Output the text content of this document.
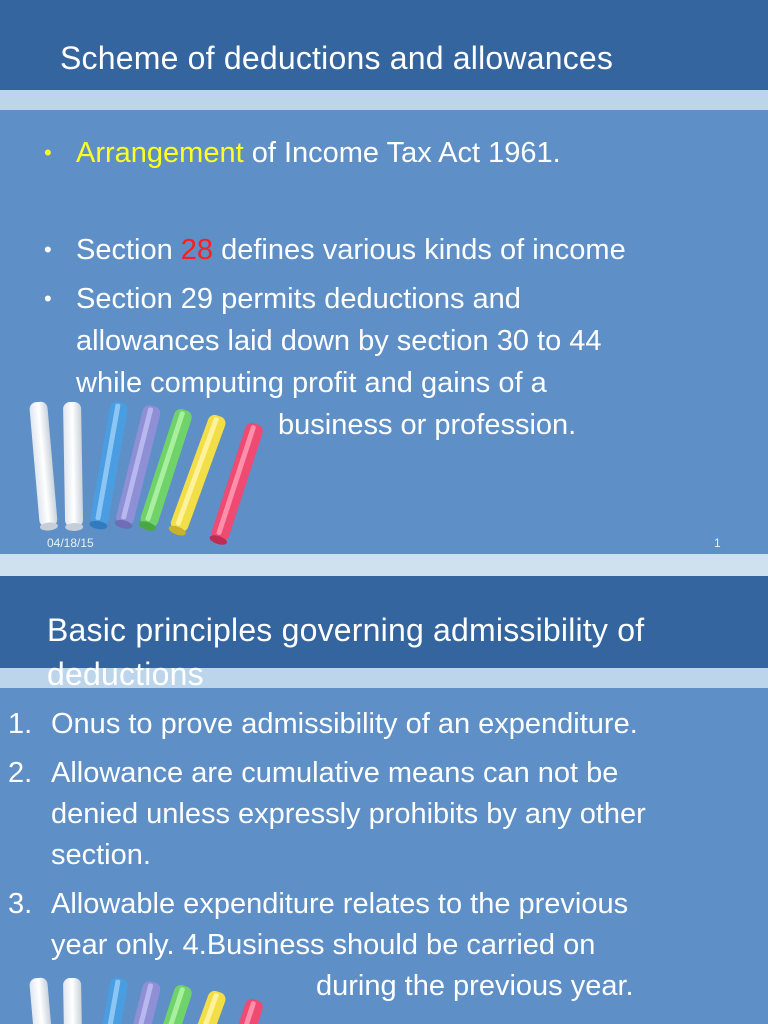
Scheme of deductions and allowances
• Arrangement of Income Tax Act 1961.
• Section 28 defines various kinds of income
• Section 29 permits deductions and
allowances laid down by section 30 to 44
while computing profit and gains of a
business or profession.
04/18/15	1
Basic principles governing admissibility of deductions
1. Onus to prove admissibility of an expenditure.
2. Allowance are cumulative means can not be
denied unless expressly prohibits by any other
section.
3. Allowable expenditure relates to the previous
year only. 4.Business should be carried on
during the previous year.
